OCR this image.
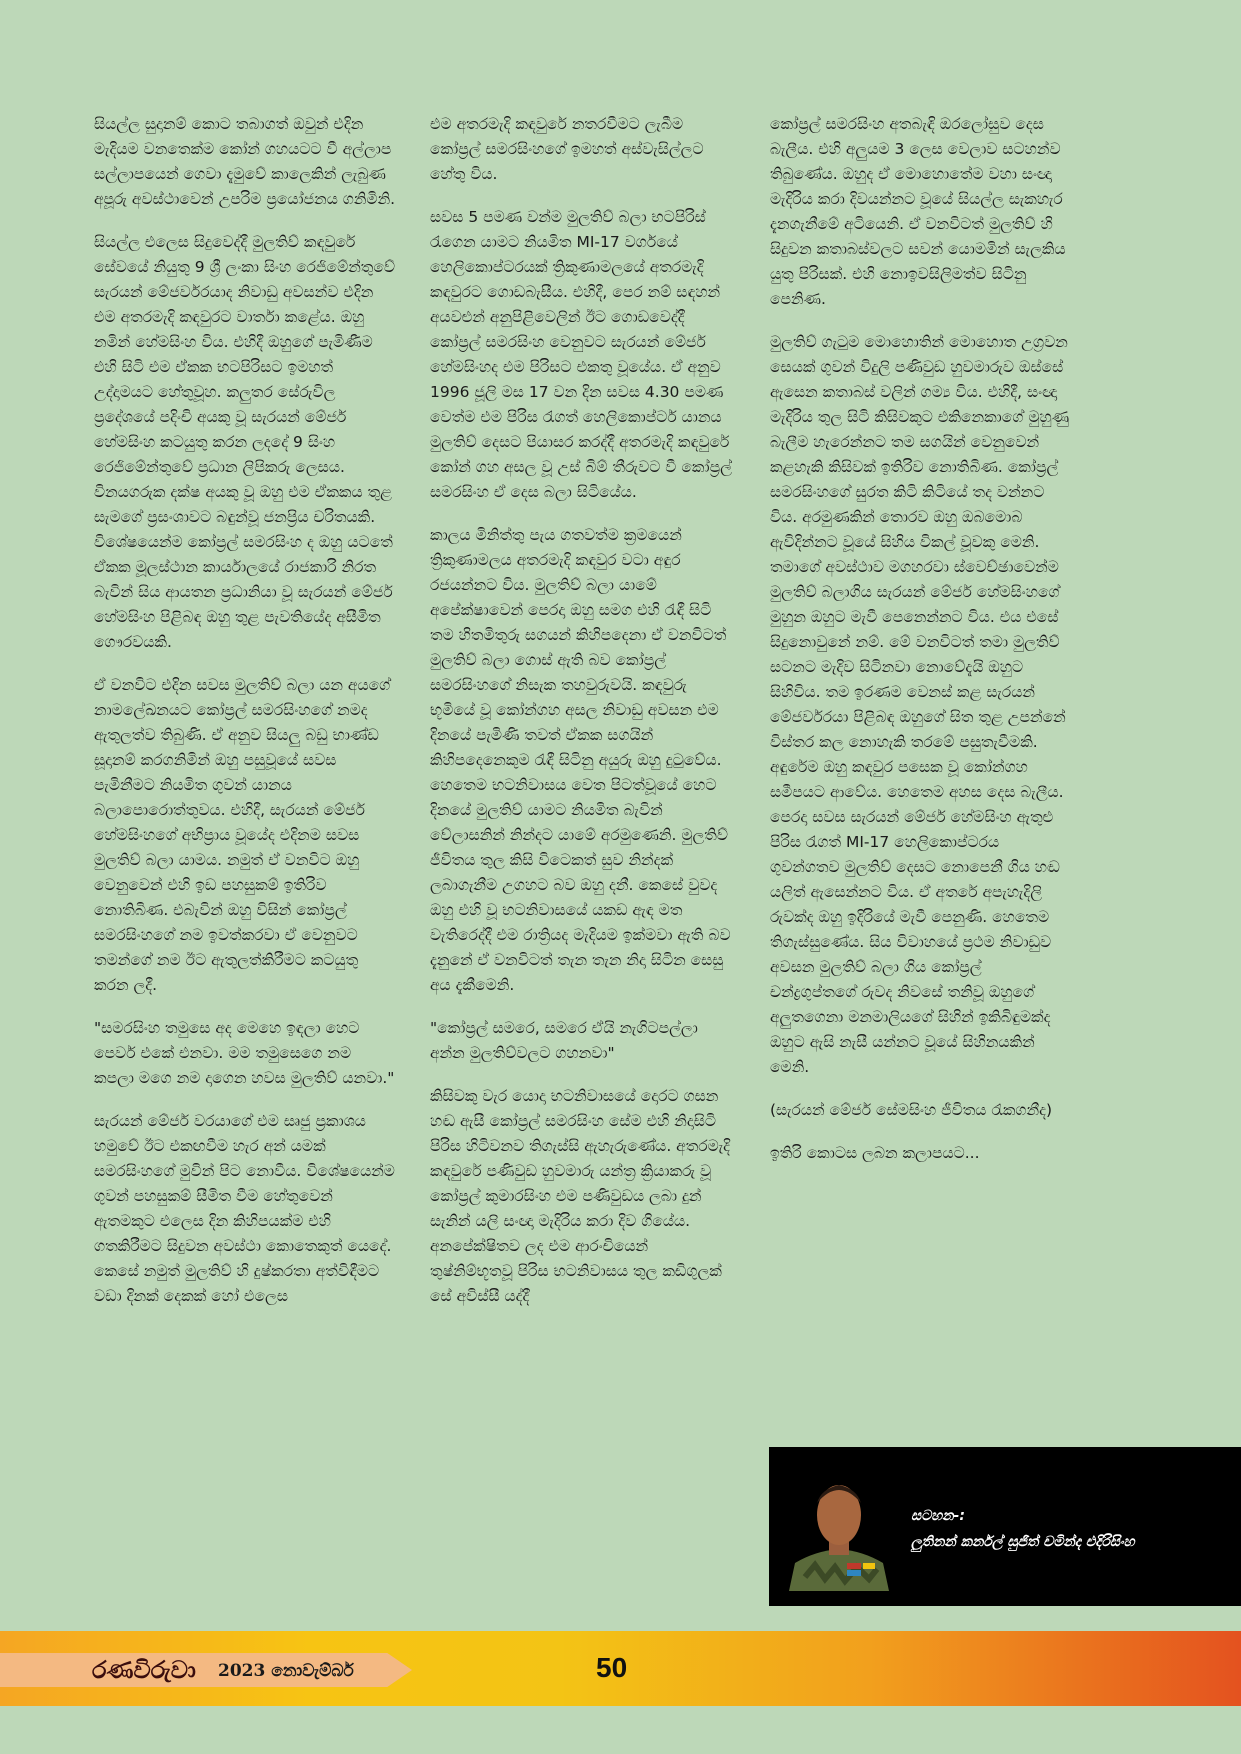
සියල්ල සුදානම් කොට තබාගත් ඔවුන් එදින මැදියම වනතෙක්ම කෝන් ගහයටට වී අල්ලාප සල්ලාපයෙන් ගෙවා දැමුවේ කාලෙකින් ලැබුණ අපූරු අවස්ථාවෙන් උපරිම ප්‍රයෝජනය ගනිමිනි.

සියල්ල එලෙස සිදුවෙද්දී මුලතිව් කඳවුරේ සේවයේ නියුතු 9 ශ්‍රී ලංකා සිංහ රෙජිමේන්තුවේ සැරයන් මේජර්වරයාද නිවාඩු අවසන්ව එදින එම අතරමැදි කඳවුරට වාර්තා කළේය. ඔහු නමින් හේමසිංහ විය. එහිදී ඔහුගේ පැමිණීම එහි සිටි එම ඒකක භටපිරිසට ඉමහත් උද්දාමයට හේතුවූහ. කලුතර සේරුවිල ප්‍රදේශයේ පදිංචි අයකු වූ සැරයන් මේජර් හේමසිංහ කටයුතු කරන ලදදේ 9 සිංහ රෙජිමේන්තුවේ ප්‍රධාන ලිපිකරු ලෙසය. විනයගරුක දක්ෂ අයකු වූ ඔහු එම ඒකකය තුළ සැමගේ ප්‍රසංශාවට බඳුන්වූ ජනප්‍රිය චරිතයකි. විශේෂයෙන්ම කෝප්‍රල් සමරසිංහ ද ඔහු යටතේ ඒකක මූලස්ථාන කාර්යාලයේ රාජකාරි නිරත බැවින් සිය ආයතන ප්‍රධානියා වූ සැරයන් මේජර් හේමසිංහ පිළිබඳ ඔහු තුළ පැවතියේද අසීමිත ගෞරවයකි.

ඒ වනවිට එදින සවස මුලතිව් බලා යන අයගේ නාමලේඛනයට කෝප්‍රල් සමරසිංහගේ නමද ඇතුලත්ව තිබුණි. ඒ අනුව සියලු බඩු භාණ්ඩ සූදානම් කරගනිමින් ඔහු පසුවූයේ සවස පැමිනීමට නියමිත ගුවන් යානය බලාපොරොත්තුවය. එහිදී, සැරයන් මේජර් හේමසිංහගේ අභිප්‍රාය වූයේද එදිනම සවස මුලතිව් බලා යාමය. නමුත් ඒ වනවිට ඔහු වෙනුවෙන් එහි ඉඩ පහසුකම් ඉතිරිව නොතිබිණ. එබැවින් ඔහු විසින් කෝප්‍රල් සමරසිංහගේ නම ඉවත්කරවා ඒ වෙනුවට තමන්ගේ නම ඊට ඇතුලත්කිරීමට කටයුතු කරන ලදී.

"සමරසිංහ තමුසෙ අද මෙහෙ ඉඳලා හෙට පෙවර් එකේ එනවා. මම තමුසෙගෙ නම කපලා මගෙ නම දාගෙන හවස මුලතිව් යනවා."

සැරයන් මේජර් වරයාගේ එම සෘජු ප්‍රකාශය හමුවේ ඊට එකඟවීම හැර අන් යමක් සමරසිංහගේ මුවින් පිට නොවීය. විශේෂයෙන්ම ගුවන් පහසුකම් සීමිත වීම හේතුවෙන් ඇතමකුට එලෙස දින කිහිපයක්ම එහි ගතකිරීමට සිදුවන අවස්ථා කොතෙකුත් යෙදේ. කෙසේ නමුත් මුලතිව් හි දුෂ්කරතා අත්විඳීමට වඩා දිනක් දෙකක් හෝ එලෙස

එම අතරමැදි කඳවුරේ නතරවීමට ලැබීම කෝප්‍රල් සමරසිංහගේ ඉමහත් අස්වැසිල්ලට හේතු විය.

සවස 5 පමණ වන්ම මුලතිව් බලා භටපිරිස් රැගෙන යාමට නියමිත MI-17 වර්ගයේ හෙලිකොප්ටරයක් ත්‍රිකුණාමලයේ අතරමැදි කඳවුරට ගොඩබැසීය. එහිදී, පෙර නම් සඳහන් අයවළුන් අනුපිළිවෙලින් ඊට ගොඩවෙද්දී කෝප්‍රල් සමරසිංහ වෙනුවට සැරයන් මේජර් හේමසිංහද එම පිරිසට එකතු වූයේය. ඒ අනුව 1996 ජූලි මස 17 වන දින සවස 4.30 පමණ වෙත්ම එම පිරිස රැගත් හෙලිකොප්ටර් යානය මුලතිව් දෙසට පියාසර කරද්දී අතරමැදි කඳවුරේ කෝන් ගහ අසල වූ උස් බිම් තීරුවට වී කෝප්‍රල් සමරසිංහ ඒ දෙස බලා සිටියේය.

කාලය මිනිත්තු පැය ගතවත්ම ක්‍රමයෙන් ත්‍රිකුණාමලය අතරමැදි කඳවුර වටා අඳුර රජයන්නට විය. මුලතිව් බලා යාමේ අපේක්ෂාවෙන් පෙරදා ඔහු සමග එහි රැඳී සිටි තම හිතමිතුරු සගයන් කිහිපදෙනා ඒ වනවිටත් මුලතිව් බලා ගොස් ඇති බව කෝප්‍රල් සමරසිංහගේ නිසැක තහවුරුවයි. කඳවුරු භූමියේ වූ කෝන්ගහ අසල නිවාඩු අවසන එම දිනයේ පැමිණි තවත් ඒකක සගයින් කිහිපදෙනෙකුම රැඳී සිටිනු අයුරු ඔහු දුටුවේය. හෙතෙම භටනිවාසය වෙත පිටත්වූයේ හෙට දිනයේ මුලතිව් යාමට නියමිත බැවින් වේලාසනින් නින්දට යාමේ අරමුණෙනි. මුලතිව් ජීවිතය තුල කිසි විටෙකත් සුව නින්දක් ලබාගැනීම උගහට බව ඔහු දනී. කෙසේ වුවද ඔහු එහි වූ භටනිවාසයේ යකඩ ඇඳ මත වැතිරෙද්දී එම රාත්‍රියද මැදියම ඉක්මවා ඇති බව දැනුනේ ඒ වනවිටත් තැන තැන නිදා සිටින සෙසු අය දැකීමෙනි.

"කෝප්‍රල් සමරෙ, සමරෙ ඒයි නැගිටපල්ලා අන්න මුලතිව්වලට ගහනවා"

කිසිවකු වැර යොදා භටනිවාසයේ දොරට ගසන හඬ ඇසී කෝප්‍රල් සමරසිංහ සේම එහි නිදාසිටි පිරිස හිටිවනව තිගැස්සි ඇහැරුණේය. අතරමැදි කඳවුරේ පණිවුඩ හුවමාරු යන්ත්‍ර ක්‍රියාකරු වූ කෝප්‍රල් කුමාරසිංහ එම පණිවුඩය ලබා දුන් සැනින් යලි සංඥා මැදිරිය කරා දිව ගියේය. අනපේක්ෂිතව ලද එම ආරංචියෙන් තුෂ්නිම්භූතවූ පිරිස භටනිවාසය තුල කඩිගුලක් සේ අවිස්සී යද්දී

කෝප්‍රල් සමරසිංහ අතබැඳි ඔරලෝසුව දෙස බැලීය. එහි අලුයම 3 ලෙස වෙලාව සටහන්ව තිබුණේය. ඔහුද ඒ මොහොතේම වහා සංඥා මැදිරිය කරා දිවයන්නට වූයේ සියල්ල සැකහැර දැනගැනීමේ අටියෙනි. ඒ වනවිටත් මුලතිව් හි සිදුවන කතාබස්වලට සවන් යොමමින් සැලකිය යුතු පිරිසක්. එහි නොඉවසිලිමත්ව සිටිනු පෙනිණ.

මුලතිව් ගැටුම මොහොතින් මොහොත උග්‍රවන සෙයක් ගුවන් විදුලි පණිවුඩ හුවමාරුව ඔස්සේ ඇසෙන කතාබස් වලින් ගම්‍ය විය. එහිදී, සංඥා මැදිරිය තුල සිටි කිසිවකුට එකිනෙකාගේ මුහුණු බැලීම හැරෙන්නට තම සගයින් වෙනුවෙන් කළහැකි කිසිවක් ඉතිරිව නොතිබිණ. කෝප්‍රල් සමරසිංහගේ සුරත කිටි කිටියේ තද වන්නට විය. අරමුණකින් තොරව ඔහු ඔබමොබ ඇවිදින්නට වූයේ සිහිය විකල් වූවකු මෙනි. තමාගේ අවස්ථාව මගහරවා ස්වෙච්ඡාවෙන්ම මුලතිව් බලාගිය සැරයන් මේජර් හේමසිංහගේ මුහුන ඔහුට මැවී පෙනෙන්නට විය. එය එසේ සිදුනොවුනේ නම්. මේ වනවිටත් තමා මුලතිව් සටනට මැදිව සිටිනවා නොවේදැයි ඔහුට සිහිවිය. තම ඉරණම වෙනස් කළ සැරයන් මේජර්වරයා පිළිබඳ ඔහුගේ සිත තුළ උපන්නේ විස්තර කල නොහැකි තරමේ පසුතැවීමකි. අඳුරේම ඔහු කඳවුර පසෙක වූ කෝන්ගහ සමීපයට ආවේය. හෙතෙම අහස දෙස බැලීය. පෙරදා සවස සැරයන් මේජර් හේමසිංහ ඇතුළු පිරිස රැගත් MI-17 හෙලිකොප්ටරය ගුවන්ගතව මුලතිව් දෙසට නොපෙනී ගිය හඬ යලිත් ඇසෙන්නට විය. ඒ අතරේ අපැහැදිලි රුවක්ද ඔහු ඉදිරියේ මැවී පෙනුණි. හෙතෙම තිගැස්සුණේය. සිය විවාහයේ ප්‍රථම නිවාඩුව අවසන මුලතිව් බලා ගිය කෝප්‍රල් චන්ද්‍රගුප්තගේ රුවද නිවසේ තනිවූ ඔහුගේ අලුතගෙනා මනමාලියගේ සිහින් ඉකිබිඳුමක්ද ඔහුට ඇසි නැසී යන්නට වූයේ සිහිනයකින් මෙනි.

(සැරයන් මේජර් සේමසිංහ ජීවිතය රැකගනීද)

ඉතිරි කොටස ලබන කලාපයට...

සටහන-:
ලුතිනන් කර්නල් සුජිත් චමින්ද එදිරිසිංහ
රණවිරුවා 2023 නොවැම්බර්	50
